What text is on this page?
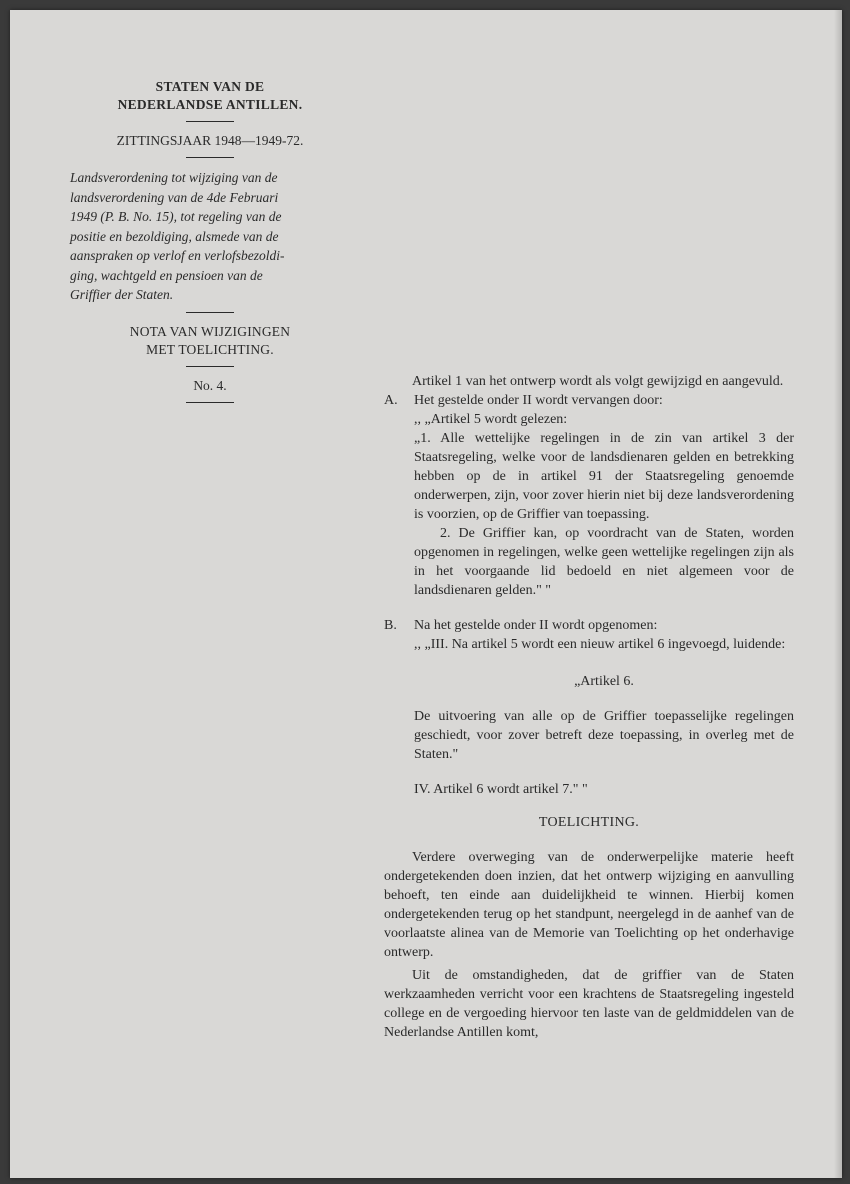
STATEN VAN DE
NEDERLANDSE ANTILLEN.
ZITTINGSJAAR 1948—1949-72.
Landsverordening tot wijziging van de
landsverordening van de 4de Februari
1949 (P. B. No. 15), tot regeling van de
positie en bezoldiging, alsmede van de
aanspraken op verlof en verlofsbezoldi-
ging, wachtgeld en pensioen van de
Griffier der Staten.
NOTA VAN WIJZIGINGEN
MET TOELICHTING.
No. 4.	Artikel 1 van het ontwerp wordt als volgt gewijzigd en aangevuld.

A.	Het gestelde onder II wordt vervangen door:

,, „Artikel 5 wordt gelezen:

„1. Alle wettelijke regelingen in de zin van artikel 3 der Staatsregeling, welke voor de landsdienaren gelden en betrekking hebben op de in artikel 91 der Staatsregeling genoemde onderwerpen, zijn, voor zover hierin niet bij deze landsverordening is voorzien, op de Griffier van toepassing.

2. De Griffier kan, op voordracht van de Staten, worden opgenomen in regelingen, welke geen wettelijke regelingen zijn als in het voorgaande lid bedoeld en niet algemeen voor de landsdienaren gelden." "

B.	Na het gestelde onder II wordt opgenomen:

,, „III. Na artikel 5 wordt een nieuw artikel 6 ingevoegd, luidende:

„Artikel 6.

De uitvoering van alle op de Griffier toepasselijke regelingen geschiedt, voor zover betreft deze toepassing, in overleg met de Staten."

IV. Artikel 6 wordt artikel 7." "

TOELICHTING.

Verdere overweging van de onderwerpelijke materie heeft ondergetekenden doen inzien, dat het ontwerp wijziging en aanvulling behoeft, ten einde aan duidelijkheid te winnen. Hierbij komen ondergetekenden terug op het standpunt, neergelegd in de aanhef van de voorlaatste alinea van de Memorie van Toelichting op het onderhavige ontwerp.

Uit de omstandigheden, dat de griffier van de Staten werkzaamheden verricht voor een krachtens de Staatsregeling ingesteld college en de vergoeding hiervoor ten laste van de geldmiddelen van de Nederlandse Antillen komt,
